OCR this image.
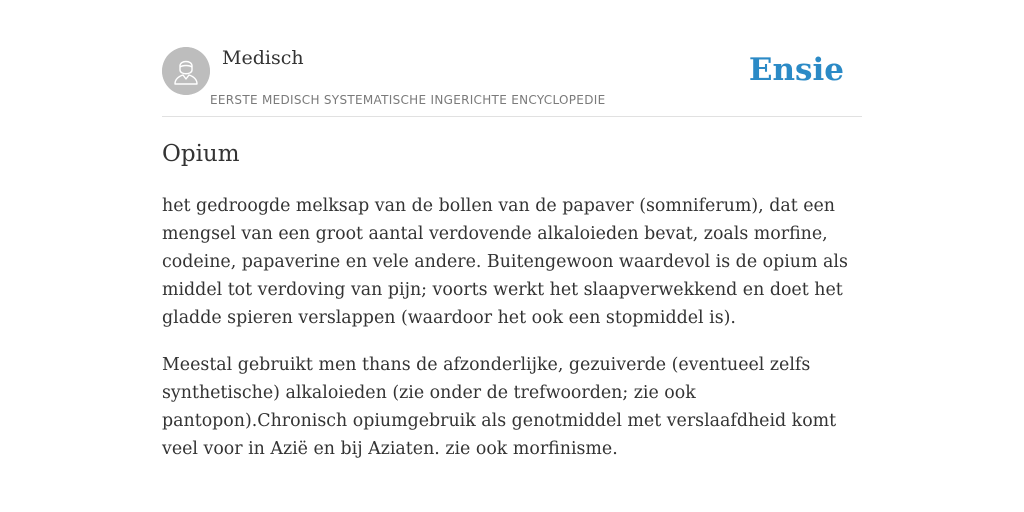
Medisch
EERSTE MEDISCH SYSTEMATISCHE INGERICHTE ENCYCLOPEDIE
Ensie
Opium

het gedroogde melksap van de bollen van de papaver (somniferum), dat een mengsel van een groot aantal verdovende alkaloieden bevat, zoals morfine, codeine, papaverine en vele andere. Buitengewoon waardevol is de opium als middel tot verdoving van pijn; voorts werkt het slaapverwekkend en doet het gladde spieren verslappen (waardoor het ook een stopmiddel is).

Meestal gebruikt men thans de afzonderlijke, gezuiverde (eventueel zelfs synthetische) alkaloieden (zie onder de trefwoorden; zie ook pantopon).Chronisch opiumgebruik als genotmiddel met verslaafdheid komt veel voor in Azië en bij Aziaten. zie ook morfinisme.
